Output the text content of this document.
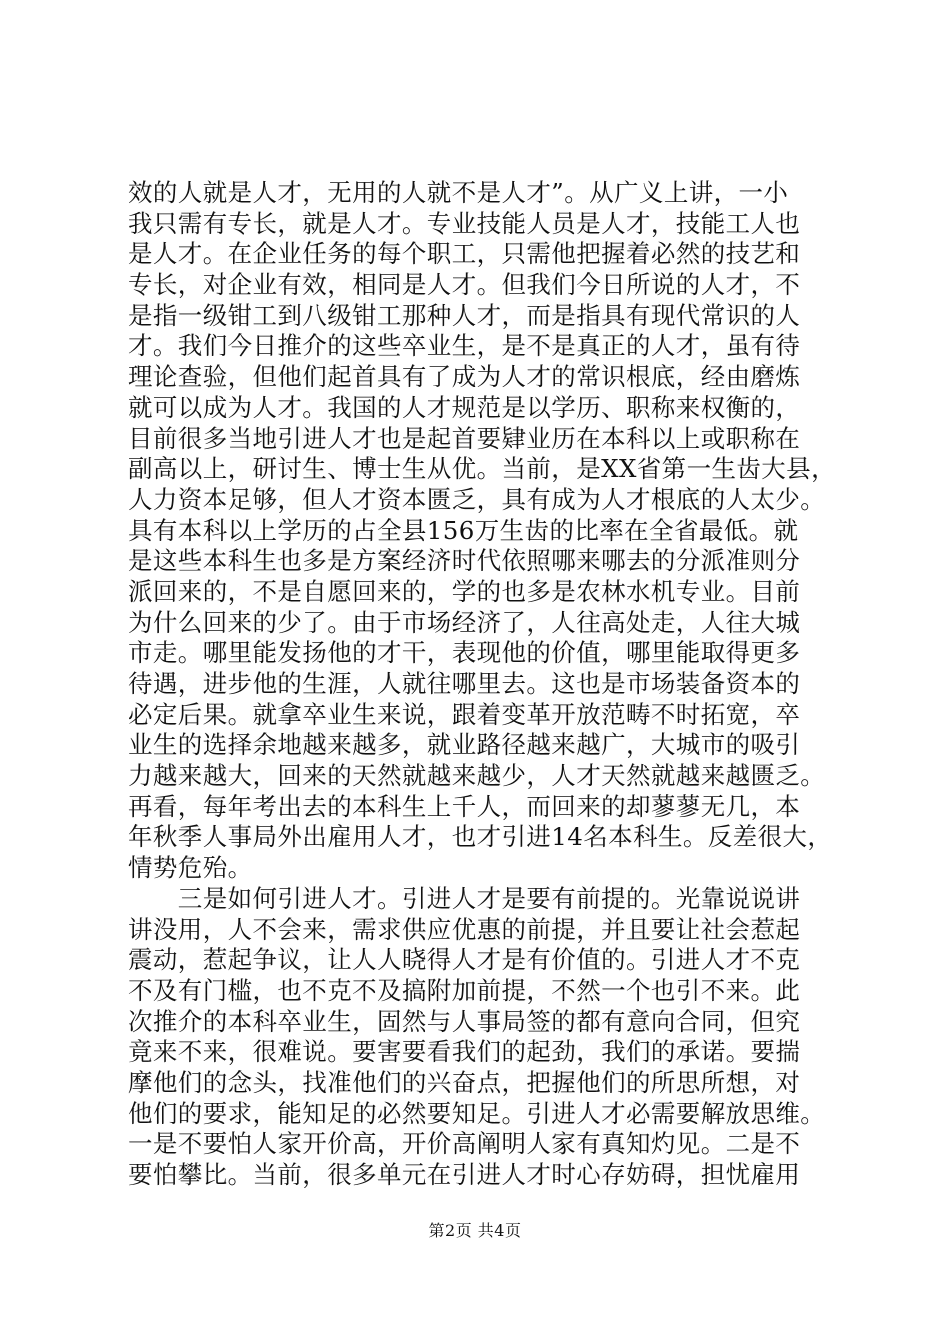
效的人就是人才，无用的人就不是人才”。从广义上讲，一小
我只需有专长，就是人才。专业技能人员是人才，技能工人也
是人才。在企业任务的每个职工，只需他把握着必然的技艺和
专长，对企业有效，相同是人才。但我们今日所说的人才，不
是指一级钳工到八级钳工那种人才，而是指具有现代常识的人
才。我们今日推介的这些卒业生，是不是真正的人才，虽有待
理论查验，但他们起首具有了成为人才的常识根底，经由磨炼
就可以成为人才。我国的人才规范是以学历、职称来权衡的，
目前很多当地引进人才也是起首要肄业历在本科以上或职称在
副高以上，研讨生、博士生从优。当前，是XX省第一生齿大县，
人力资本足够，但人才资本匮乏，具有成为人才根底的人太少。
具有本科以上学历的占全县156万生齿的比率在全省最低。就
是这些本科生也多是方案经济时代依照哪来哪去的分派准则分
派回来的，不是自愿回来的，学的也多是农林水机专业。目前
为什么回来的少了。由于市场经济了，人往高处走，人往大城
市走。哪里能发扬他的才干，表现他的价值，哪里能取得更多
待遇，进步他的生涯，人就往哪里去。这也是市场装备资本的
必定后果。就拿卒业生来说，跟着变革开放范畴不时拓宽，卒
业生的选择余地越来越多，就业路径越来越广，大城市的吸引
力越来越大，回来的天然就越来越少，人才天然就越来越匮乏。
再看，每年考出去的本科生上千人，而回来的却蓼蓼无几，本
年秋季人事局外出雇用人才，也才引进14名本科生。反差很大，
情势危殆。
　　三是如何引进人才。引进人才是要有前提的。光靠说说讲
讲没用，人不会来，需求供应优惠的前提，并且要让社会惹起
震动，惹起争议，让人人晓得人才是有价值的。引进人才不克
不及有门槛，也不克不及搞附加前提，不然一个也引不来。此
次推介的本科卒业生，固然与人事局签的都有意向合同，但究
竟来不来，很难说。要害要看我们的起劲，我们的承诺。要揣
摩他们的念头，找准他们的兴奋点，把握他们的所思所想，对
他们的要求，能知足的必然要知足。引进人才必需要解放思维。
一是不要怕人家开价高，开价高阐明人家有真知灼见。二是不
要怕攀比。当前，很多单元在引进人才时心存妨碍，担忧雇用
第2页 共4页
